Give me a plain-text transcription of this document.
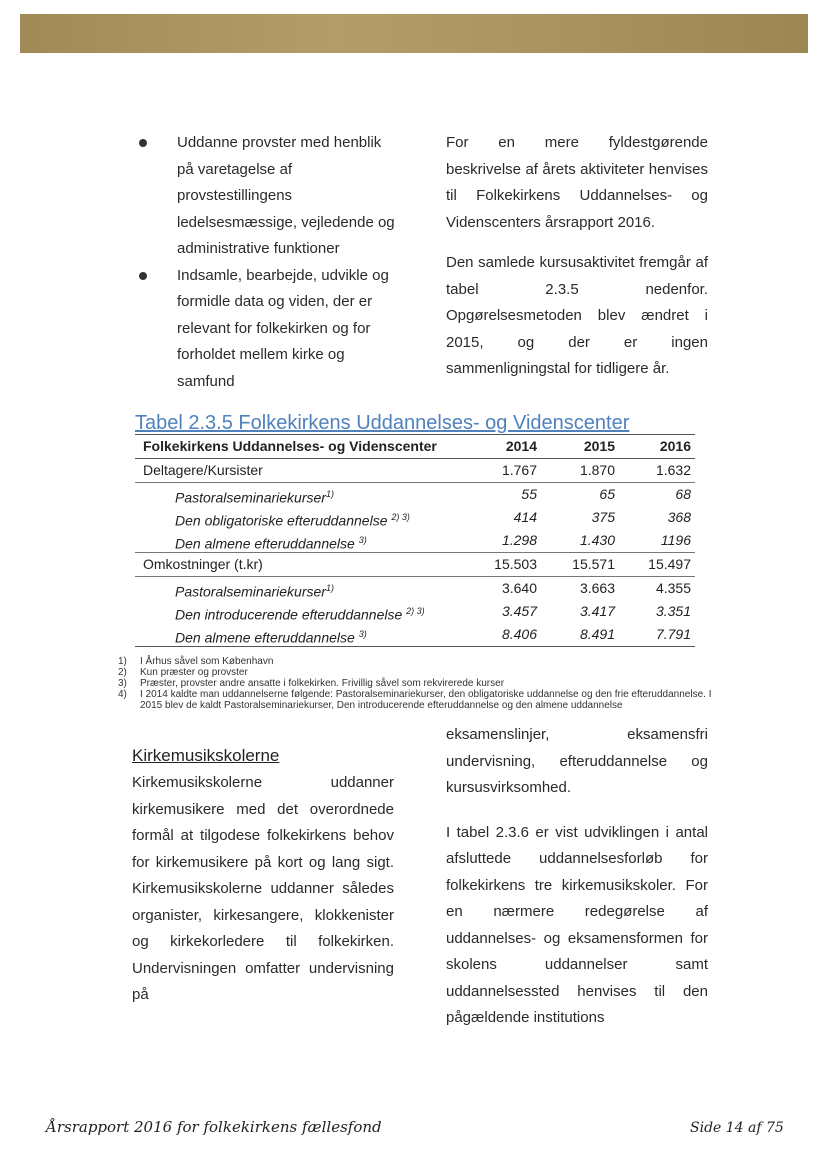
Uddanne provster med henblik på varetagelse af provstestillingens ledelsesmæssige, vejledende og administrative funktioner
Indsamle, bearbejde, udvikle og formidle data og viden, der er relevant for folkekirken og for forholdet mellem kirke og samfund

For en mere fyldestgørende beskrivelse af årets aktiviteter henvises til Folkekirkens Uddannelses- og Videnscenters årsrapport 2016.

Den samlede kursusaktivitet fremgår af tabel 2.3.5 nedenfor. Opgørelsesmetoden blev ændret i 2015, og der er ingen sammenligningstal for tidligere år.

Tabel 2.3.5 Folkekirkens Uddannelses- og Videnscenter
Folkekirkens Uddannelses- og Videnscenter	2014	2015	2016
Deltagere/Kursister	1.767	1.870	1.632
Pastoralseminariekurser$^{1)}$	55	65	68
Den obligatoriske efteruddannelse $^{2) 3)}$	414	375	368
Den almene efteruddannelse $^{3)}$	1.298	1.430	1196
Omkostninger (t.kr)	15.503	15.571	15.497
Pastoralseminariekurser$^{1)}$	3.640	3.663	4.355
Den introducerende efteruddannelse $^{2) 3)}$	3.457	3.417	3.351
Den almene efteruddannelse $^{3)}$	8.406	8.491	7.791
1) I Århus såvel som København
2) Kun præster og provster
3) Præster, provster andre ansatte i folkekirken. Frivillig såvel som rekvirerede kurser
4) I 2014 kaldte man uddannelserne følgende: Pastoralseminariekurser, den obligatoriske uddannelse og den frie efteruddannelse. I 2015 blev de kaldt Pastoralseminariekurser, Den introducerende efteruddannelse og den almene uddannelse
Kirkemusikskolerne
Kirkemusikskolerne uddanner kirkemusikere med det overordnede formål at tilgodese folkekirkens behov for kirkemusikere på kort og lang sigt. Kirkemusikskolerne uddanner således organister, kirkesangere, klokkenister og kirkekorledere til folkekirken. Undervisningen omfatter undervisning på

eksamenslinjer, eksamensfri undervisning, efteruddannelse og kursusvirksomhed.

I tabel 2.3.6 er vist udviklingen i antal afsluttede uddannelsesforløb for folkekirkens tre kirkemusikskoler. For en nærmere redegørelse af uddannelses- og eksamensformen for skolens uddannelser samt uddannelsessted henvises til den pågældende institutions

Årsrapport 2016 for folkekirkens fællesfond	Side 14 af 75
